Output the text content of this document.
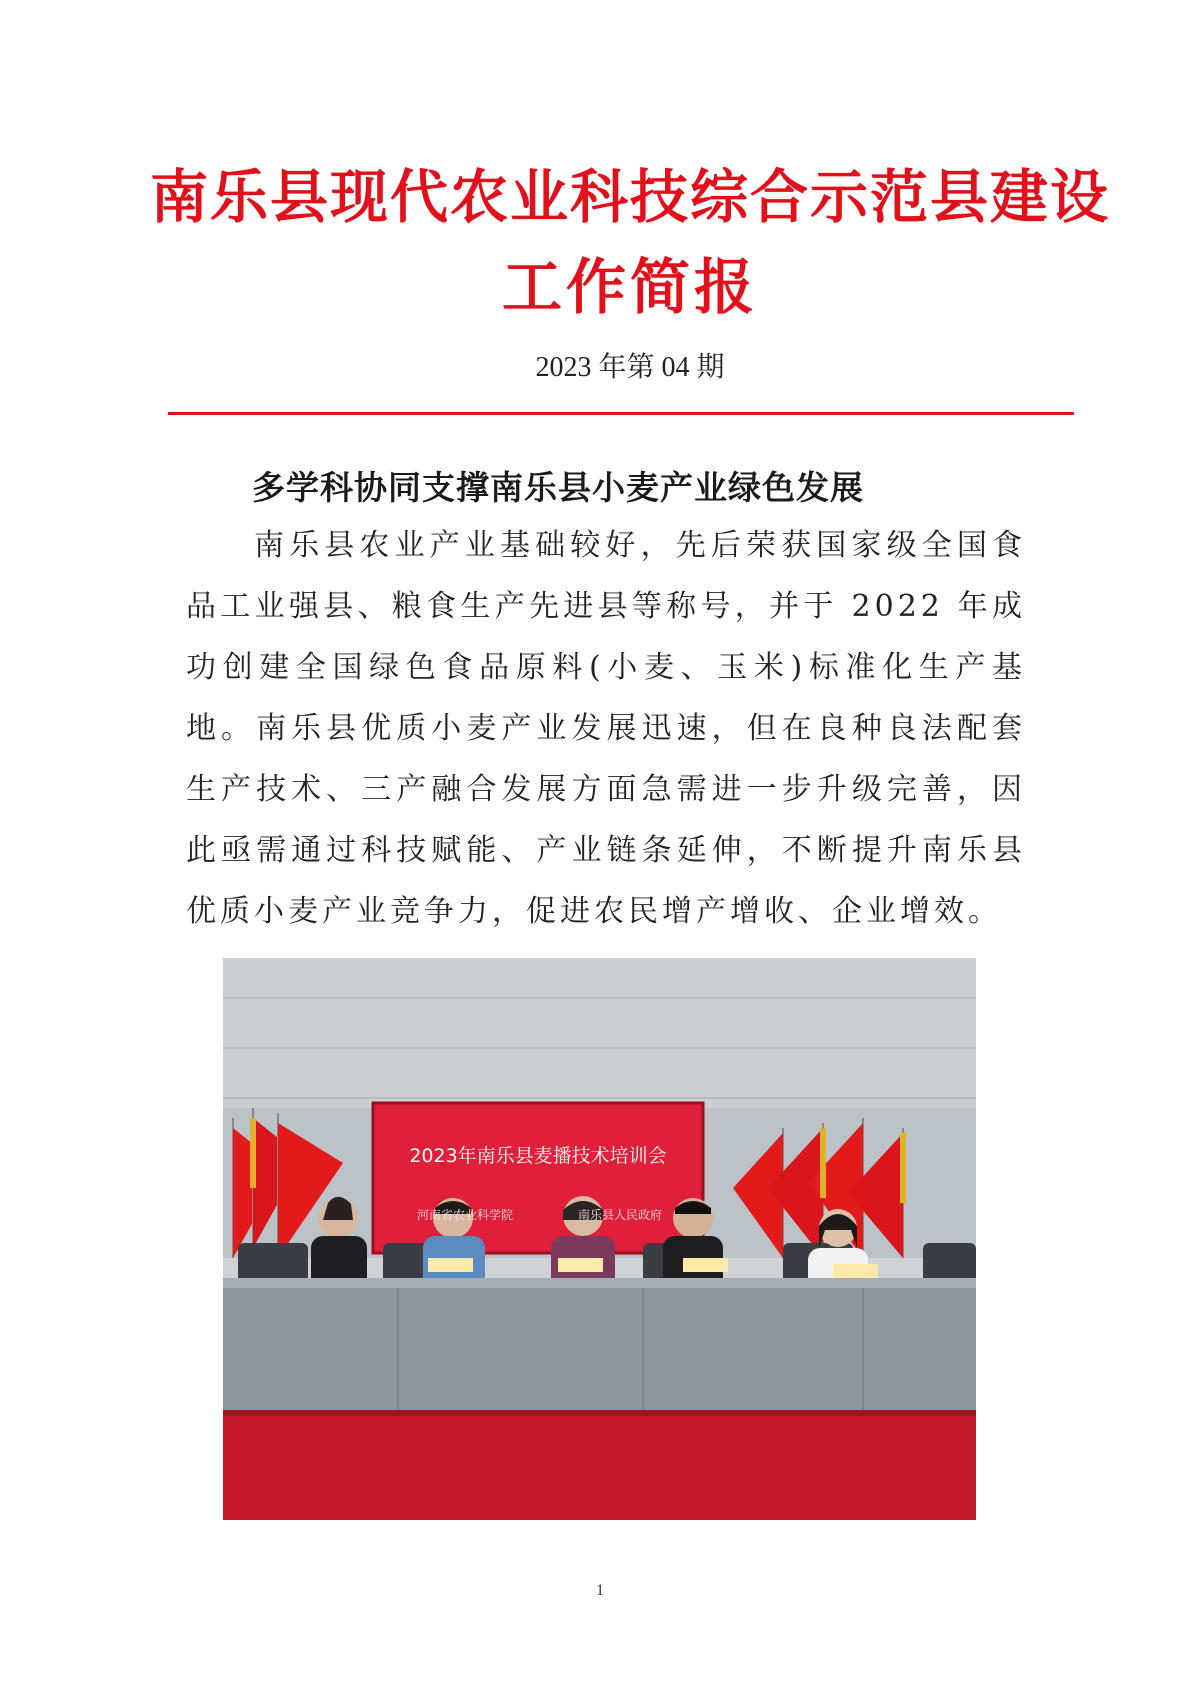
南乐县现代农业科技综合示范县建设
工作简报
2023 年第 04 期
多学科协同支撑南乐县小麦产业绿色发展
南乐县农业产业基础较好，先后荣获国家级全国食品工业强县、粮食生产先进县等称号，并于 2022 年成功创建全国绿色食品原料(小麦、玉米)标准化生产基地。南乐县优质小麦产业发展迅速，但在良种良法配套生产技术、三产融合发展方面急需进一步升级完善，因此亟需通过科技赋能、产业链条延伸，不断提升南乐县优质小麦产业竞争力，促进农民增产增收、企业增效。
2023年南乐县麦播技术培训会
河南省农业科学院	南乐县人民政府
1
